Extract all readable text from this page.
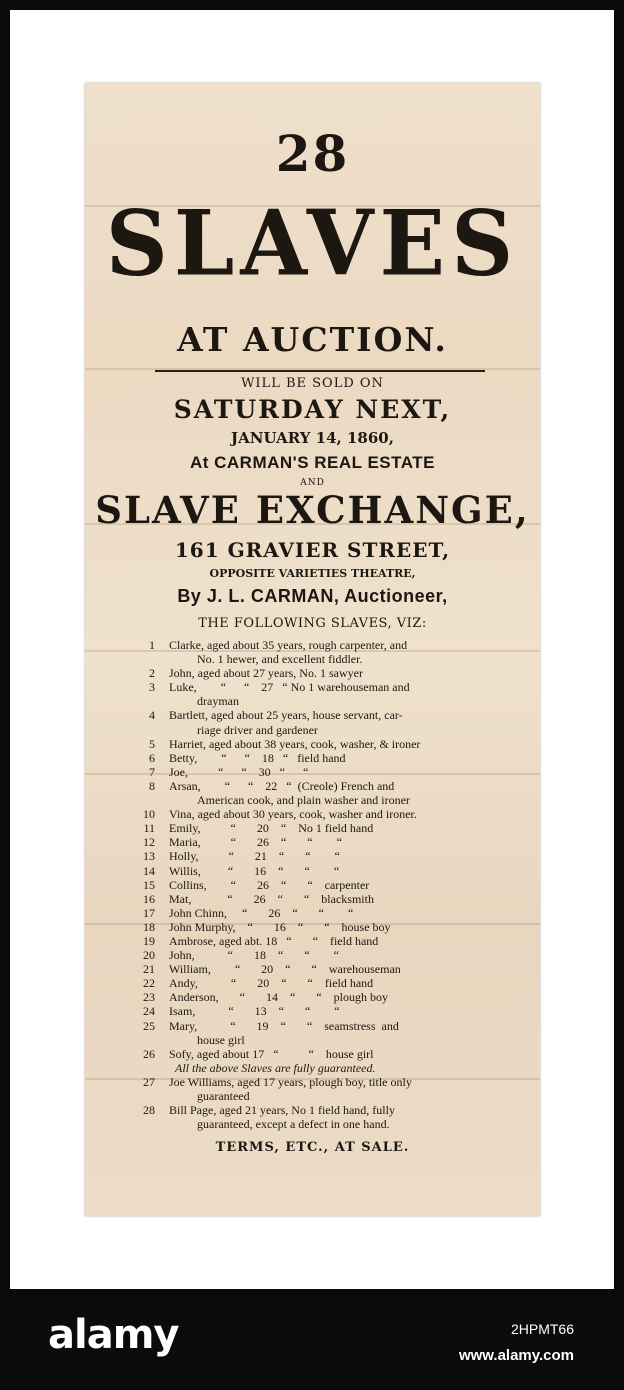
28
SLAVES
AT AUCTION.
WILL BE SOLD ON
SATURDAY NEXT,
JANUARY 14, 1860,
At CARMAN'S REAL ESTATE
AND
SLAVE EXCHANGE,
161 GRAVIER STREET,
OPPOSITE VARIETIES THEATRE,
By J. L. CARMAN, Auctioneer,
THE FOLLOWING SLAVES, VIZ:
1	Clarke, aged about 35 years, rough carpenter, and
No. 1 hewer, and excellent fiddler.
2	John, aged about 27 years, No. 1 sawyer
3	Luke,        “      “    27   “ No 1 warehouseman and
drayman
4	Bartlett, aged about 25 years, house servant, car-
riage driver and gardener
5	Harriet, aged about 38 years, cook, washer, & ironer
6	Betty,        “      “    18   “   field hand
7	Joe,          “      “    30   “      “
8	Arsan,        “      “    22   “  (Creole) French and
American cook, and plain washer and ironer
10	Vina, aged about 30 years, cook, washer and ironer.
11	Emily,          “       20    “    No 1 field hand
12	Maria,          “       26    “       “        “
13	Holly,          “       21    “       “        “
14	Willis,         “       16    “       “        “
15	Collins,        “       26    “       “    carpenter
16	Mat,            “       26    “       “    blacksmith
17	John Chinn,     “       26    “       “        “
18	John Murphy,    “       16    “       “    house boy
19	Ambrose, aged abt. 18   “       “    field hand
20	John,           “       18    “       “        “
21	William,        “       20    “       “    warehouseman
22	Andy,           “       20    “       “    field hand
23	Anderson,       “       14    “       “    plough boy
24	Isam,           “       13    “       “        “
25	Mary,           “       19    “       “    seamstress  and
house girl
26	Sofy, aged about 17   “          “    house girl
All the above Slaves are fully guaranteed.
27	Joe Williams, aged 17 years, plough boy, title only
guaranteed
28	Bill Page, aged 21 years, No 1 field hand, fully
guaranteed, except a defect in one hand.
TERMS, ETC., AT SALE.
alamy	2HPMT66
www.alamy.com
